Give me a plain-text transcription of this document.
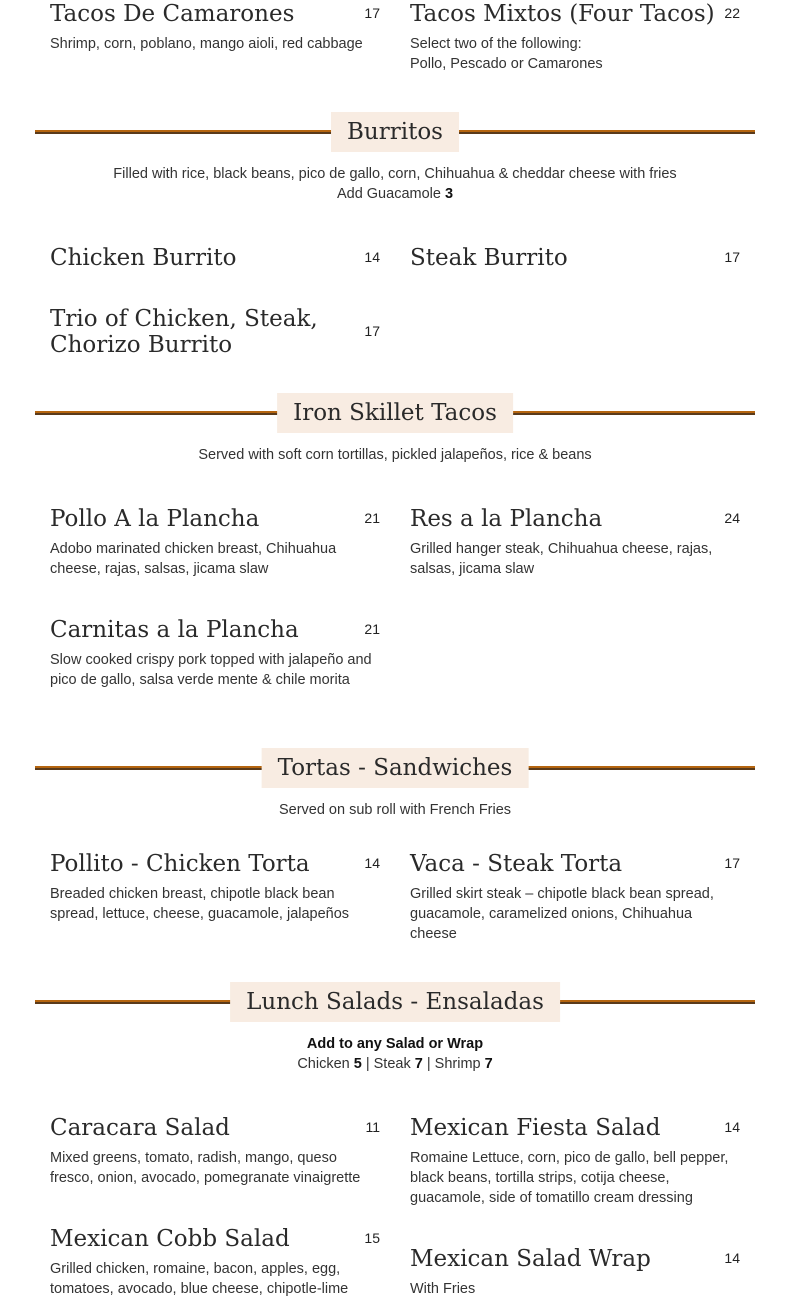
Tacos De Camarones	17
Shrimp, corn, poblano, mango aioli, red cabbage
Tacos Mixtos (Four Tacos) 22
Select two of the following:
Pollo, Pescado or Camarones
Burritos
Filled with rice, black beans, pico de gallo, corn, Chihuahua & cheddar cheese with fries
Add Guacamole 3
Chicken Burrito	14 Steak Burrito	17
Trio of Chicken, Steak, Chorizo Burrito
17
Iron Skillet Tacos
Served with soft corn tortillas, pickled jalapeños, rice & beans
Pollo A la Plancha	21
Adobo marinated chicken breast, Chihuahua cheese, rajas, salsas, jicama slaw
Res a la Plancha	24
Grilled hanger steak, Chihuahua cheese, rajas, salsas, jicama slaw
Carnitas a la Plancha	21
Slow cooked crispy pork topped with jalapeño and pico de gallo, salsa verde mente & chile morita
Tortas - Sandwiches
Served on sub roll with French Fries
Pollito - Chicken Torta	14
Breaded chicken breast, chipotle black bean spread, lettuce, cheese, guacamole, jalapeños
Vaca - Steak Torta	17
Grilled skirt steak – chipotle black bean spread, guacamole, caramelized onions, Chihuahua cheese
Lunch Salads - Ensaladas
Add to any Salad or Wrap
Chicken 5 | Steak 7 | Shrimp 7
Caracara Salad	11
Mixed greens, tomato, radish, mango, queso fresco, onion, avocado, pomegranate vinaigrette
Mexican Fiesta Salad	14
Romaine Lettuce, corn, pico de gallo, bell pepper, black beans, tortilla strips, cotija cheese, guacamole, side of tomatillo cream dressing
Mexican Cobb Salad	15
Grilled chicken, romaine, bacon, apples, egg, tomatoes, avocado, blue cheese, chipotle-lime
Mexican Salad Wrap	14
With Fries
